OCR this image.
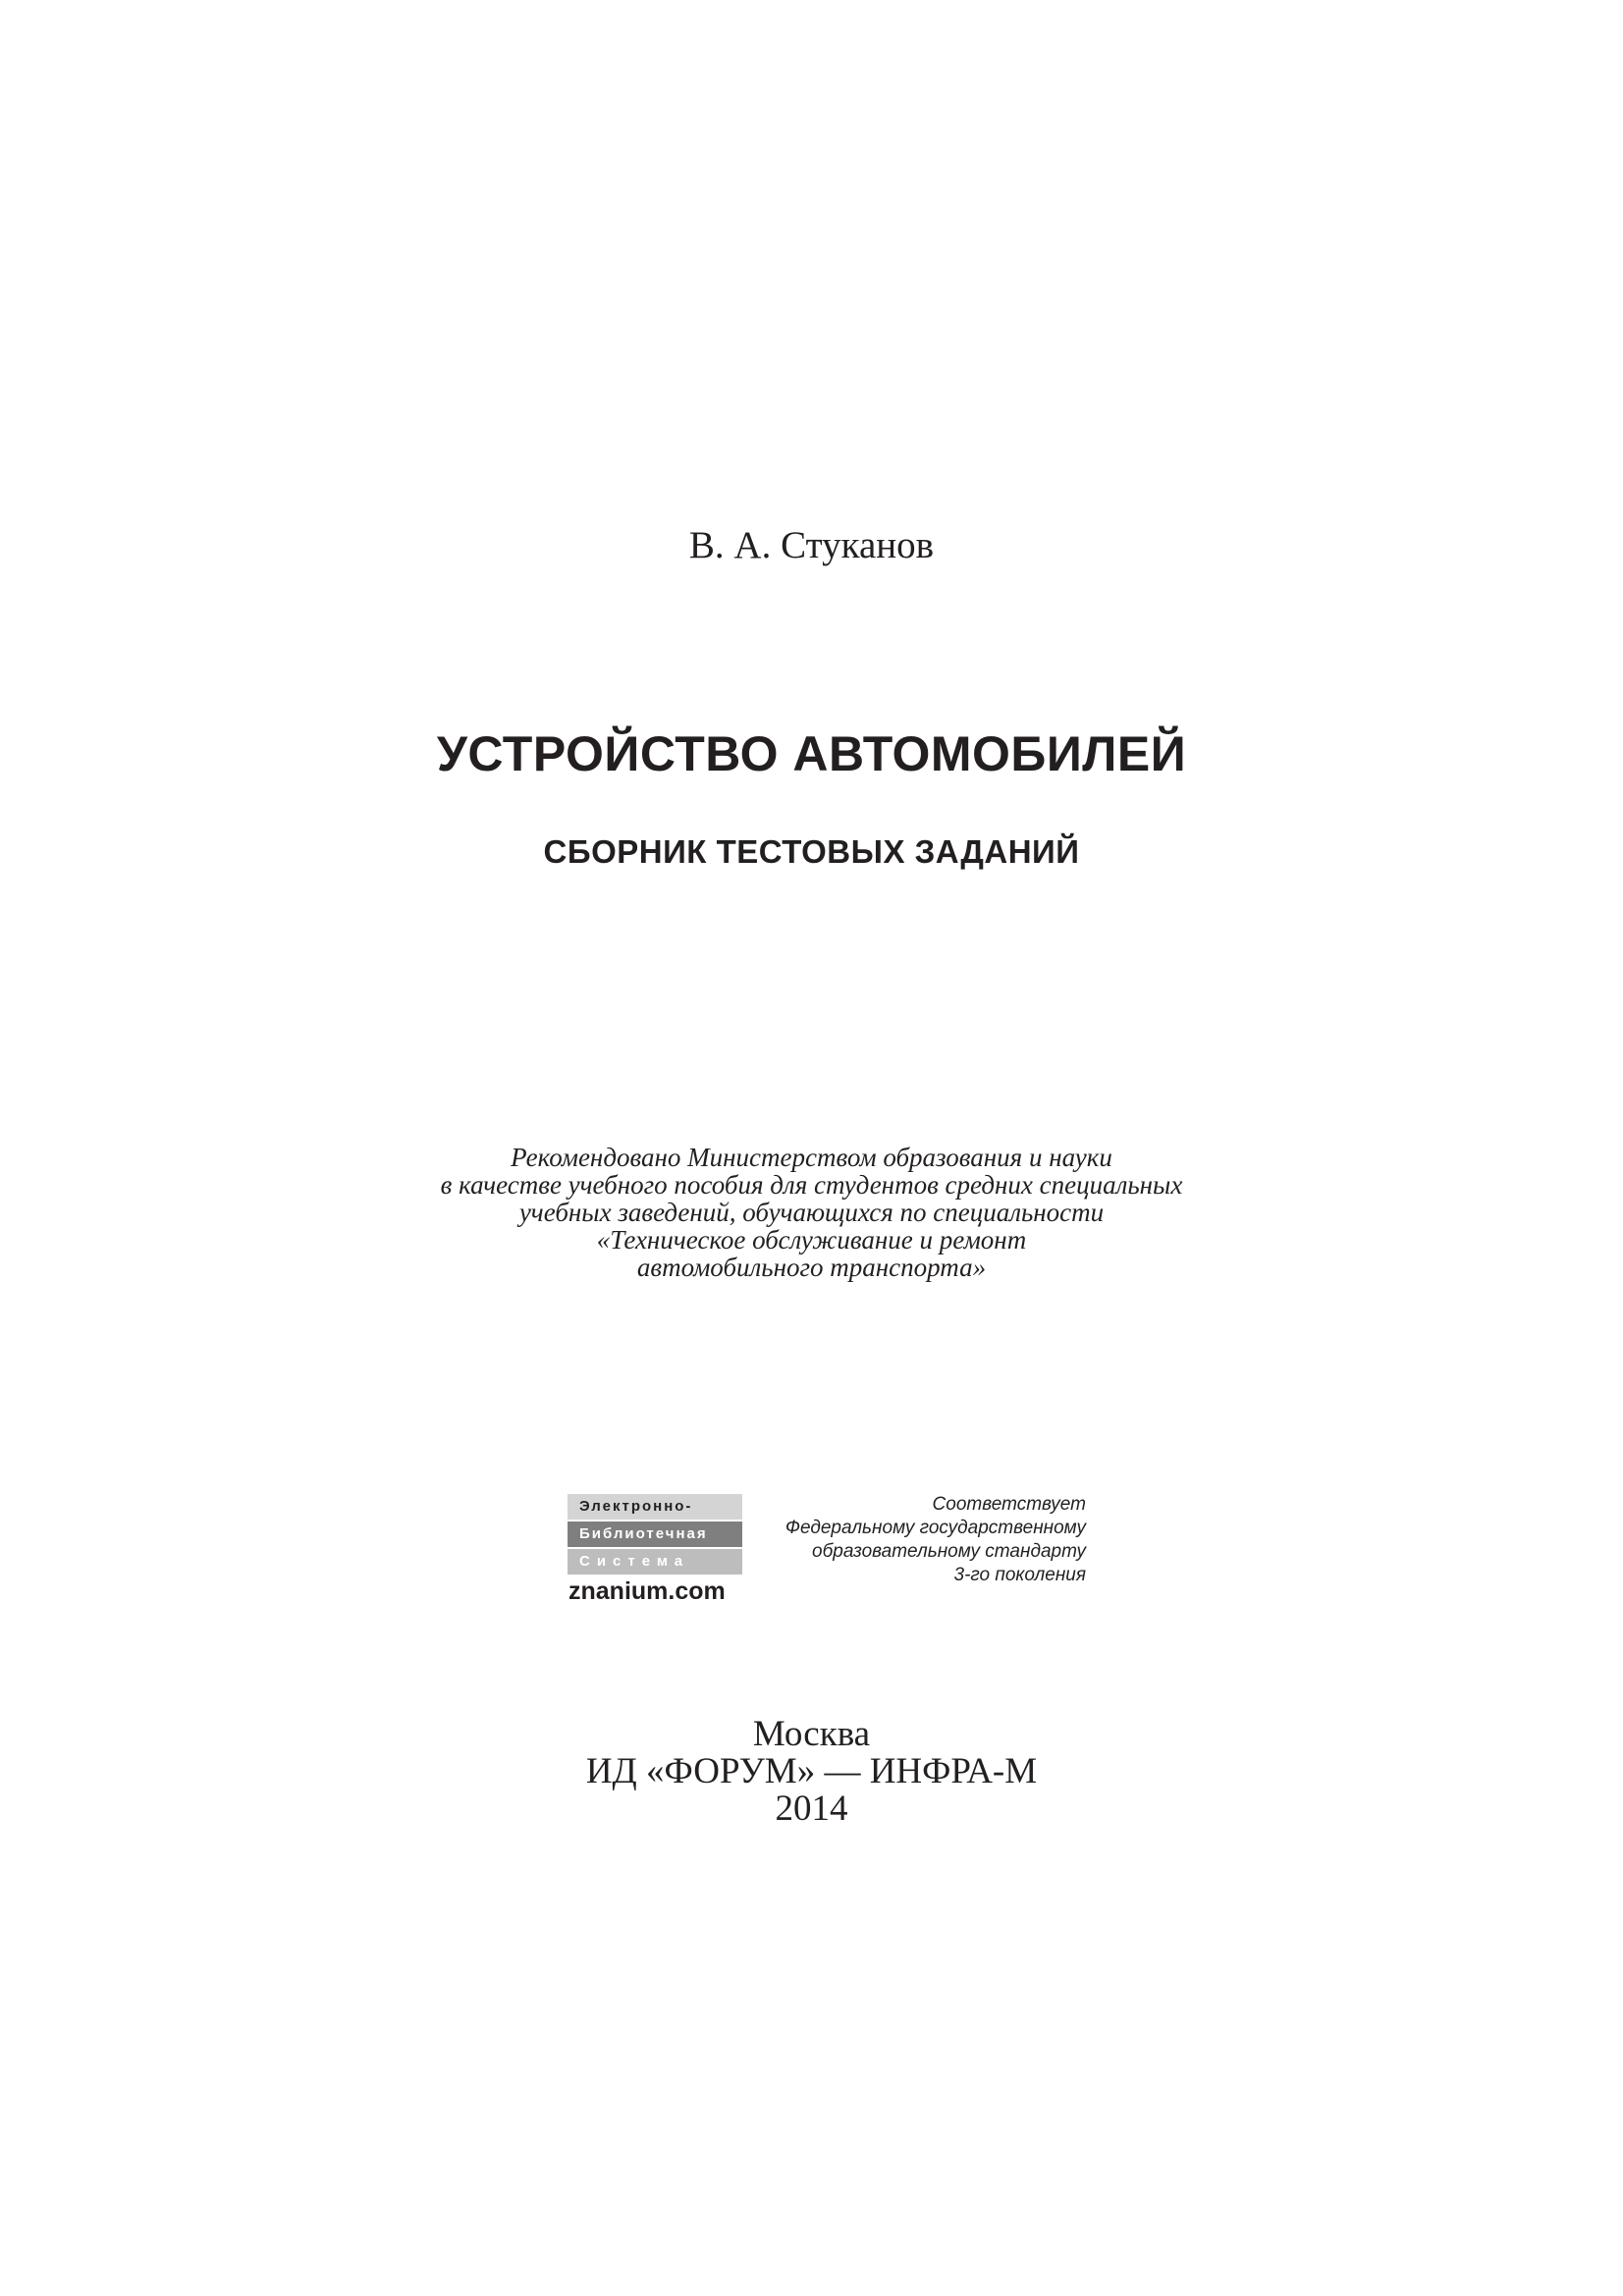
В. А. Стуканов
УСТРОЙСТВО АВТОМОБИЛЕЙ
СБОРНИК ТЕСТОВЫХ ЗАДАНИЙ
Рекомендовано Министерством образования и науки
в качестве учебного пособия для студентов средних специальных
учебных заведений, обучающихся по специальности
«Техническое обслуживание и ремонт
автомобильного транспорта»
Электронно-
Библиотечная
Система
znanium.com
Соответствует
Федеральному государственному
образовательному стандарту
3-го поколения
Москва
ИД «ФОРУМ» — ИНФРА-М
2014
